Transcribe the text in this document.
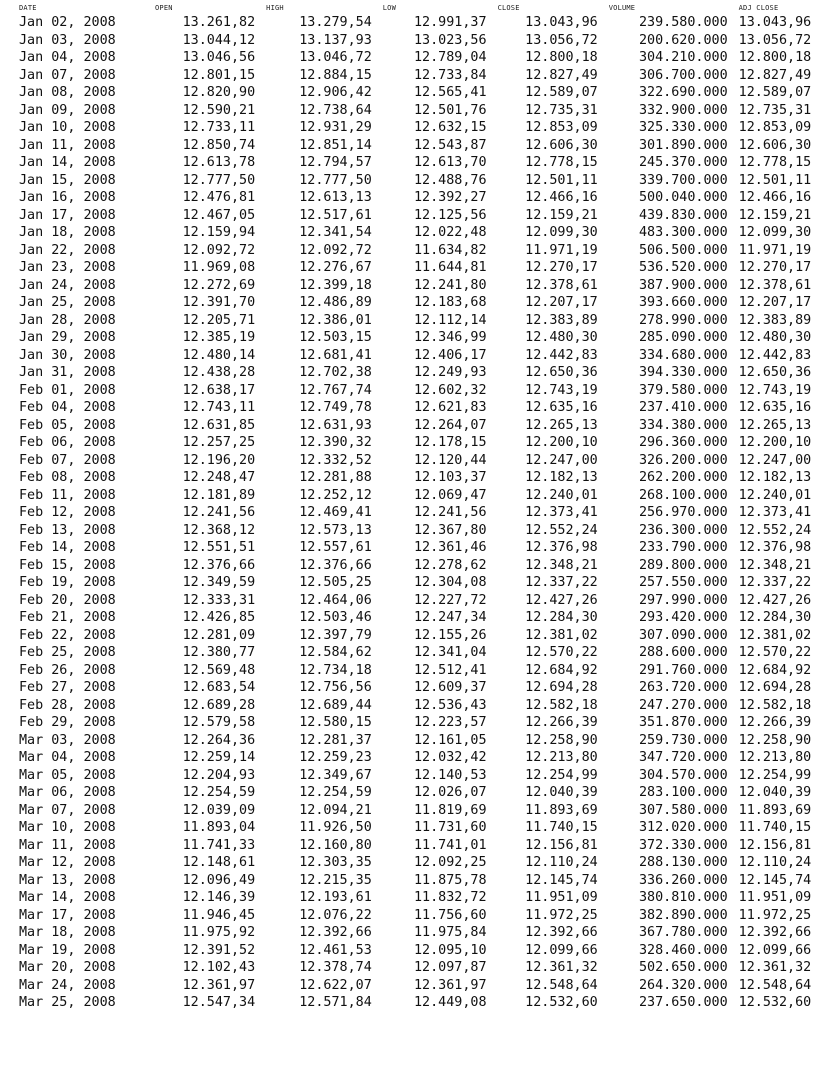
DATE	OPEN	HIGH	LOW	CLOSE	VOLUME	ADJ CLOSE
Jan 02, 2008	13.261,82	13.279,54	12.991,37	13.043,96	239.580.000	13.043,96
Jan 03, 2008	13.044,12	13.137,93	13.023,56	13.056,72	200.620.000	13.056,72
Jan 04, 2008	13.046,56	13.046,72	12.789,04	12.800,18	304.210.000	12.800,18
Jan 07, 2008	12.801,15	12.884,15	12.733,84	12.827,49	306.700.000	12.827,49
Jan 08, 2008	12.820,90	12.906,42	12.565,41	12.589,07	322.690.000	12.589,07
Jan 09, 2008	12.590,21	12.738,64	12.501,76	12.735,31	332.900.000	12.735,31
Jan 10, 2008	12.733,11	12.931,29	12.632,15	12.853,09	325.330.000	12.853,09
Jan 11, 2008	12.850,74	12.851,14	12.543,87	12.606,30	301.890.000	12.606,30
Jan 14, 2008	12.613,78	12.794,57	12.613,70	12.778,15	245.370.000	12.778,15
Jan 15, 2008	12.777,50	12.777,50	12.488,76	12.501,11	339.700.000	12.501,11
Jan 16, 2008	12.476,81	12.613,13	12.392,27	12.466,16	500.040.000	12.466,16
Jan 17, 2008	12.467,05	12.517,61	12.125,56	12.159,21	439.830.000	12.159,21
Jan 18, 2008	12.159,94	12.341,54	12.022,48	12.099,30	483.300.000	12.099,30
Jan 22, 2008	12.092,72	12.092,72	11.634,82	11.971,19	506.500.000	11.971,19
Jan 23, 2008	11.969,08	12.276,67	11.644,81	12.270,17	536.520.000	12.270,17
Jan 24, 2008	12.272,69	12.399,18	12.241,80	12.378,61	387.900.000	12.378,61
Jan 25, 2008	12.391,70	12.486,89	12.183,68	12.207,17	393.660.000	12.207,17
Jan 28, 2008	12.205,71	12.386,01	12.112,14	12.383,89	278.990.000	12.383,89
Jan 29, 2008	12.385,19	12.503,15	12.346,99	12.480,30	285.090.000	12.480,30
Jan 30, 2008	12.480,14	12.681,41	12.406,17	12.442,83	334.680.000	12.442,83
Jan 31, 2008	12.438,28	12.702,38	12.249,93	12.650,36	394.330.000	12.650,36
Feb 01, 2008	12.638,17	12.767,74	12.602,32	12.743,19	379.580.000	12.743,19
Feb 04, 2008	12.743,11	12.749,78	12.621,83	12.635,16	237.410.000	12.635,16
Feb 05, 2008	12.631,85	12.631,93	12.264,07	12.265,13	334.380.000	12.265,13
Feb 06, 2008	12.257,25	12.390,32	12.178,15	12.200,10	296.360.000	12.200,10
Feb 07, 2008	12.196,20	12.332,52	12.120,44	12.247,00	326.200.000	12.247,00
Feb 08, 2008	12.248,47	12.281,88	12.103,37	12.182,13	262.200.000	12.182,13
Feb 11, 2008	12.181,89	12.252,12	12.069,47	12.240,01	268.100.000	12.240,01
Feb 12, 2008	12.241,56	12.469,41	12.241,56	12.373,41	256.970.000	12.373,41
Feb 13, 2008	12.368,12	12.573,13	12.367,80	12.552,24	236.300.000	12.552,24
Feb 14, 2008	12.551,51	12.557,61	12.361,46	12.376,98	233.790.000	12.376,98
Feb 15, 2008	12.376,66	12.376,66	12.278,62	12.348,21	289.800.000	12.348,21
Feb 19, 2008	12.349,59	12.505,25	12.304,08	12.337,22	257.550.000	12.337,22
Feb 20, 2008	12.333,31	12.464,06	12.227,72	12.427,26	297.990.000	12.427,26
Feb 21, 2008	12.426,85	12.503,46	12.247,34	12.284,30	293.420.000	12.284,30
Feb 22, 2008	12.281,09	12.397,79	12.155,26	12.381,02	307.090.000	12.381,02
Feb 25, 2008	12.380,77	12.584,62	12.341,04	12.570,22	288.600.000	12.570,22
Feb 26, 2008	12.569,48	12.734,18	12.512,41	12.684,92	291.760.000	12.684,92
Feb 27, 2008	12.683,54	12.756,56	12.609,37	12.694,28	263.720.000	12.694,28
Feb 28, 2008	12.689,28	12.689,44	12.536,43	12.582,18	247.270.000	12.582,18
Feb 29, 2008	12.579,58	12.580,15	12.223,57	12.266,39	351.870.000	12.266,39
Mar 03, 2008	12.264,36	12.281,37	12.161,05	12.258,90	259.730.000	12.258,90
Mar 04, 2008	12.259,14	12.259,23	12.032,42	12.213,80	347.720.000	12.213,80
Mar 05, 2008	12.204,93	12.349,67	12.140,53	12.254,99	304.570.000	12.254,99
Mar 06, 2008	12.254,59	12.254,59	12.026,07	12.040,39	283.100.000	12.040,39
Mar 07, 2008	12.039,09	12.094,21	11.819,69	11.893,69	307.580.000	11.893,69
Mar 10, 2008	11.893,04	11.926,50	11.731,60	11.740,15	312.020.000	11.740,15
Mar 11, 2008	11.741,33	12.160,80	11.741,01	12.156,81	372.330.000	12.156,81
Mar 12, 2008	12.148,61	12.303,35	12.092,25	12.110,24	288.130.000	12.110,24
Mar 13, 2008	12.096,49	12.215,35	11.875,78	12.145,74	336.260.000	12.145,74
Mar 14, 2008	12.146,39	12.193,61	11.832,72	11.951,09	380.810.000	11.951,09
Mar 17, 2008	11.946,45	12.076,22	11.756,60	11.972,25	382.890.000	11.972,25
Mar 18, 2008	11.975,92	12.392,66	11.975,84	12.392,66	367.780.000	12.392,66
Mar 19, 2008	12.391,52	12.461,53	12.095,10	12.099,66	328.460.000	12.099,66
Mar 20, 2008	12.102,43	12.378,74	12.097,87	12.361,32	502.650.000	12.361,32
Mar 24, 2008	12.361,97	12.622,07	12.361,97	12.548,64	264.320.000	12.548,64
Mar 25, 2008	12.547,34	12.571,84	12.449,08	12.532,60	237.650.000	12.532,60
